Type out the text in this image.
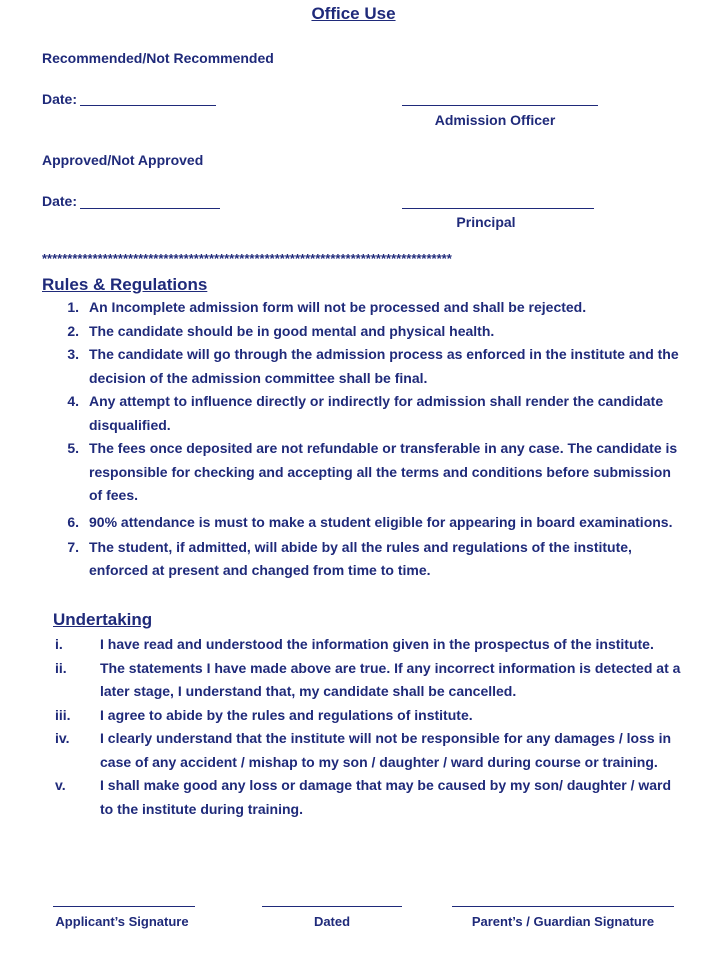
Office Use
Recommended/Not Recommended
Date:
Admission Officer
Approved/Not Approved
Date:
Principal
*********************************************************************************
Rules & Regulations
1. An Incomplete admission form will not be processed and shall be rejected.
2. The candidate should be in good mental and physical health.
3. The candidate will go through the admission process as enforced in the institute and the decision of the admission committee shall be final.
4. Any attempt to influence directly or indirectly for admission shall render the candidate disqualified.
5. The fees once deposited are not refundable or transferable in any case. The candidate is responsible for checking and accepting all the terms and conditions before submission of fees.
6. 90% attendance is must to make a student eligible for appearing in board examinations.
7. The student, if admitted, will abide by all the rules and regulations of the institute, enforced at present and changed from time to time.
Undertaking
i.	I have read and understood the information given in the prospectus of the institute.
ii.	The statements I have made above are true. If any incorrect information is detected at a later stage, I understand that, my candidate shall be cancelled.
iii.	I agree to abide by the rules and regulations of institute.
iv.	I clearly understand that the institute will not be responsible for any damages / loss in case of any accident / mishap to my son / daughter / ward during course or training.
v.	I shall make good any loss or damage that may be caused by my son/ daughter / ward to the institute during training.
Applicant’s Signature	Dated	Parent’s / Guardian Signature
